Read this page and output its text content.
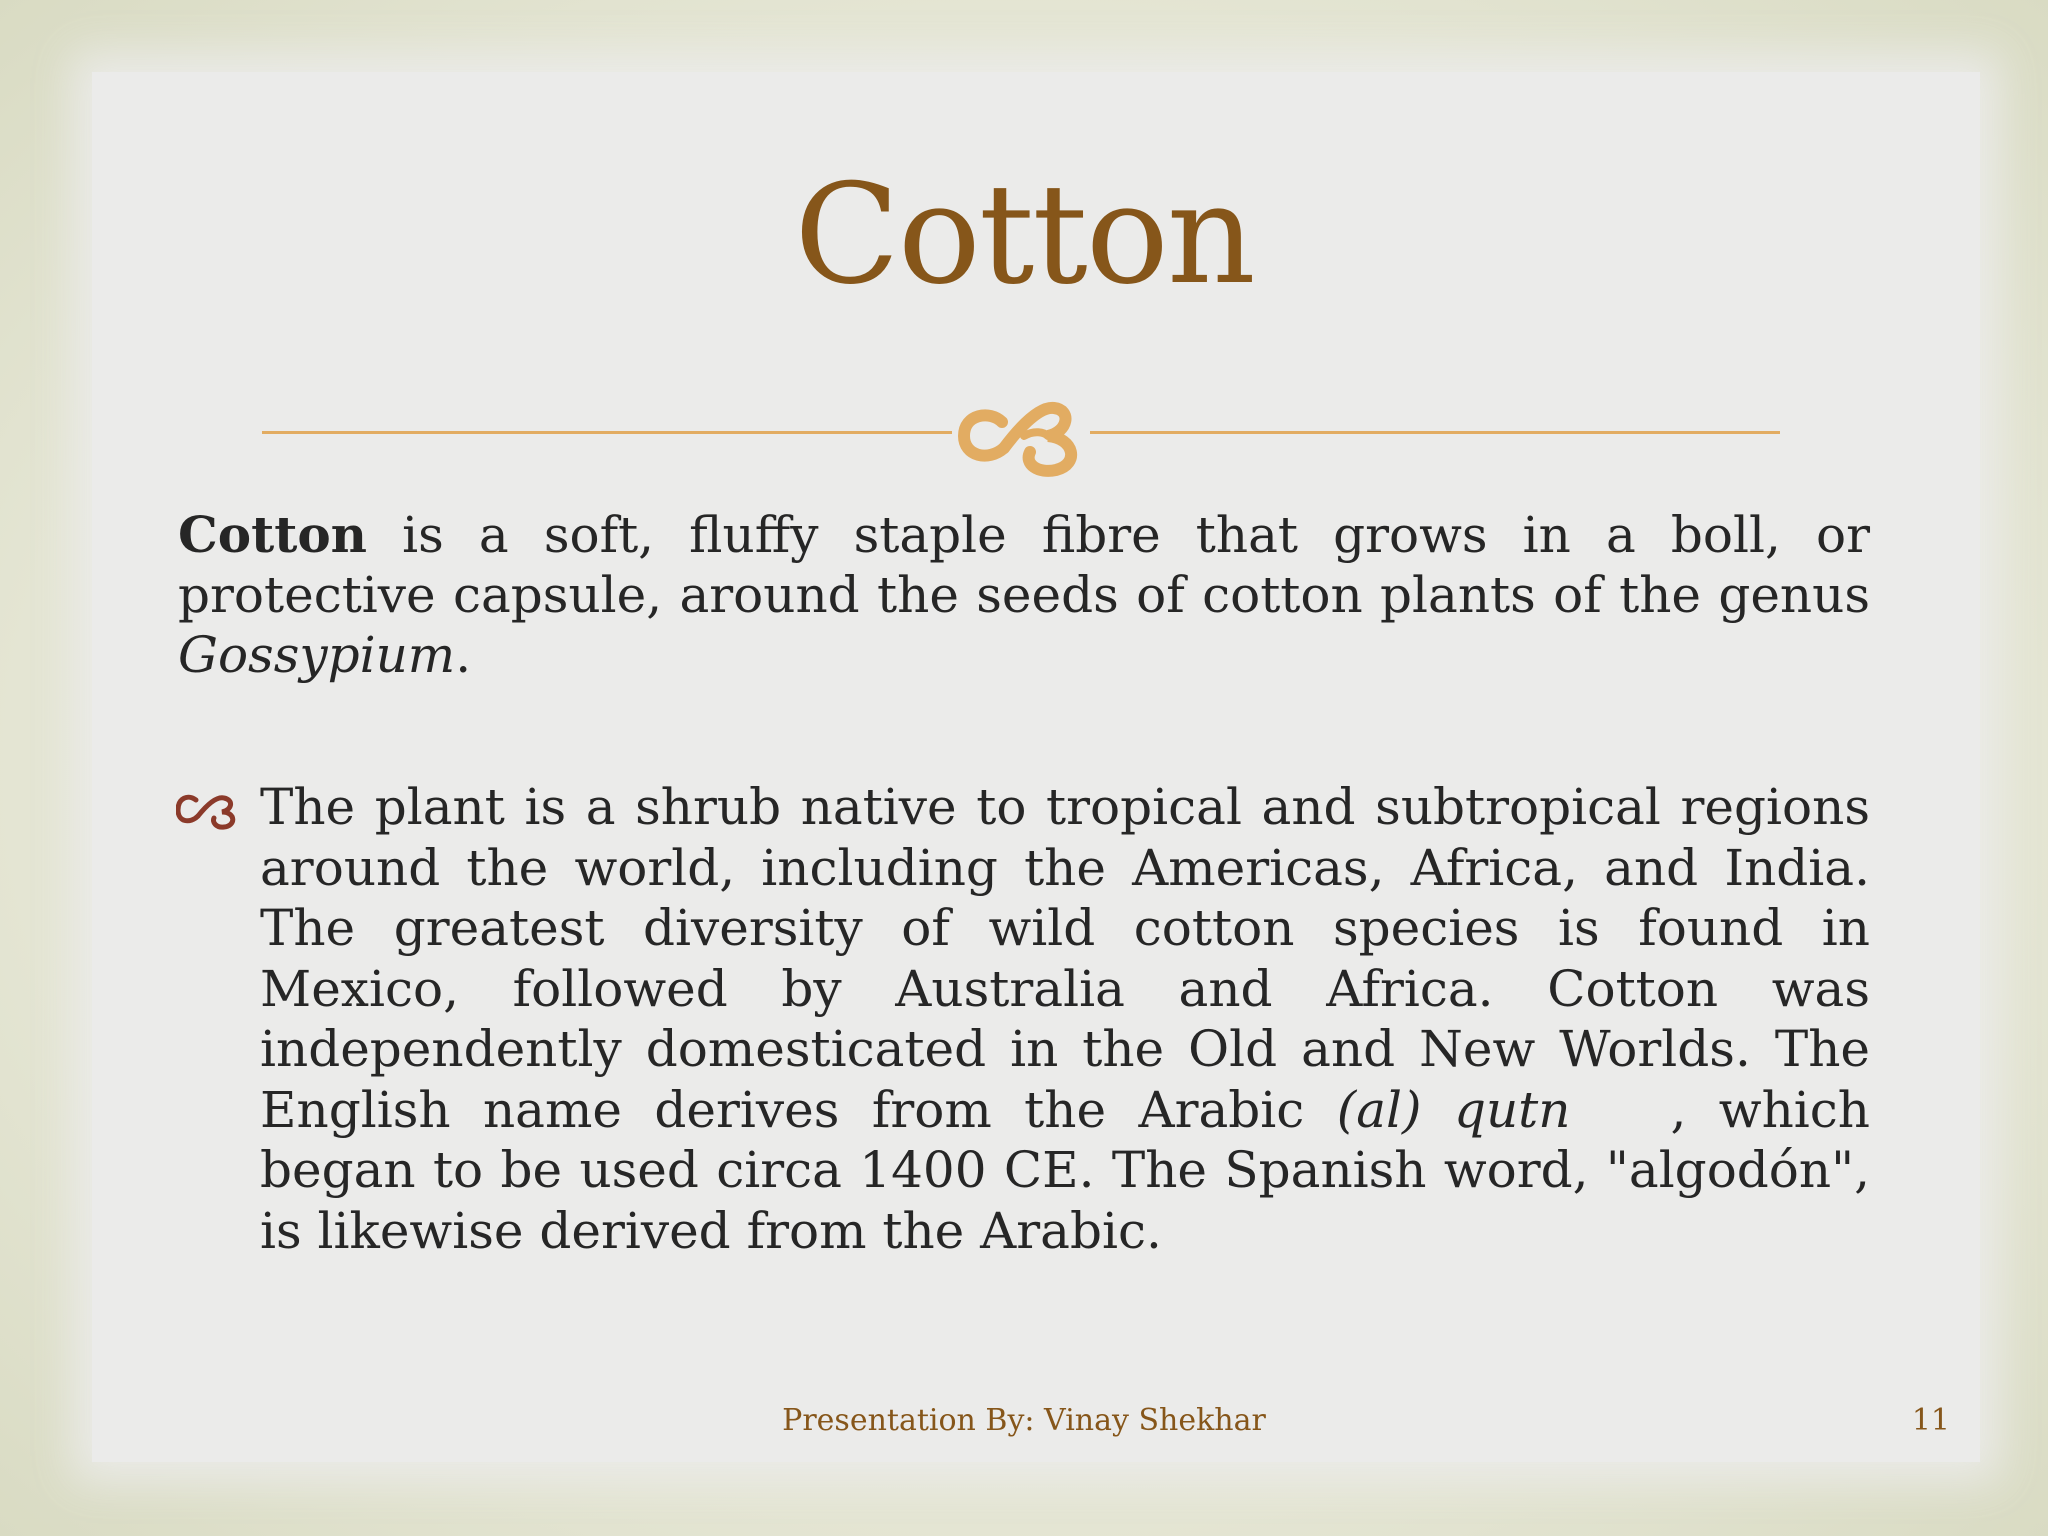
Cotton
Cotton is a soft, fluffy staple fibre that grows in a boll, or protective capsule, around the seeds of cotton plants of the genus Gossypium.
The plant is a shrub native to tropical and subtropical regions around the world, including the Americas, Africa, and India. The greatest diversity of wild cotton species is found in Mexico, followed by Australia and Africa. Cotton was independently domesticated in the Old and New Worlds. The English name derives from the Arabic (al) qutn , which began to be used circa 1400 CE. The Spanish word, "algodón", is likewise derived from the Arabic.
Presentation By: Vinay Shekhar	11
